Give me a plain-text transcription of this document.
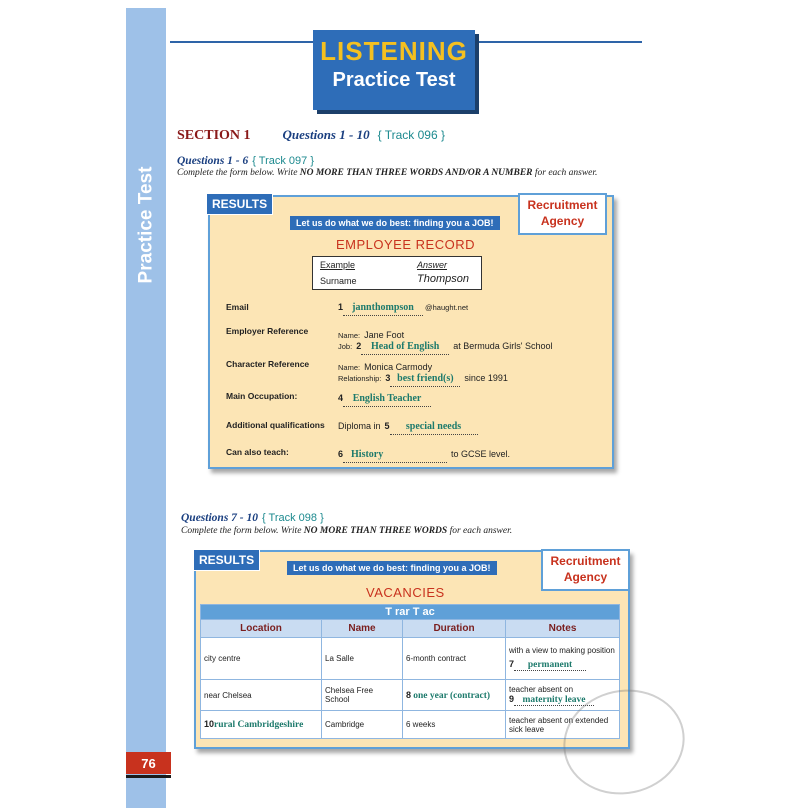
Practice Test
76
LISTENING
Practice Test
SECTION 1 Questions 1 - 10 { Track 096 }
Questions 1 - 6 { Track 097 }
Complete the form below. Write NO MORE THAN THREE WORDS AND/OR A NUMBER for each answer.
RESULTS
Let us do what we do best: finding you a JOB!
Recruitment
Agency
EMPLOYEE RECORD
Example	Answer
Surname	Thompson
Email	1 jannthompson @haught.net
Employer Reference	Name: Jane Foot
Job: 2 Head of English at Bermuda Girls' School
Character Reference	Name: Monica Carmody
Relationship: 3 best friend(s) since 1991
Main Occupation:	4 English Teacher
Additional qualifications Diploma in 5 special needs
Can also teach:	6 History	to GCSE level.
Questions 7 - 10 { Track 098 }
Complete the form below. Write NO MORE THAN THREE WORDS for each answer.
RESULTS
Let us do what we do best: finding you a JOB!	Recruitment
Agency
VACANCIES
T rar T ac			
Location	Name	Duration	Notes
city centre	La Salle	6-month contract	with a view to making position
7 permanent

near Chelsea	Chelsea Free School	8 one year (contract)	teacher absent on
9 maternity leave

10rural Cambridgeshire	Cambridge	6 weeks	teacher absent on extended sick leave
